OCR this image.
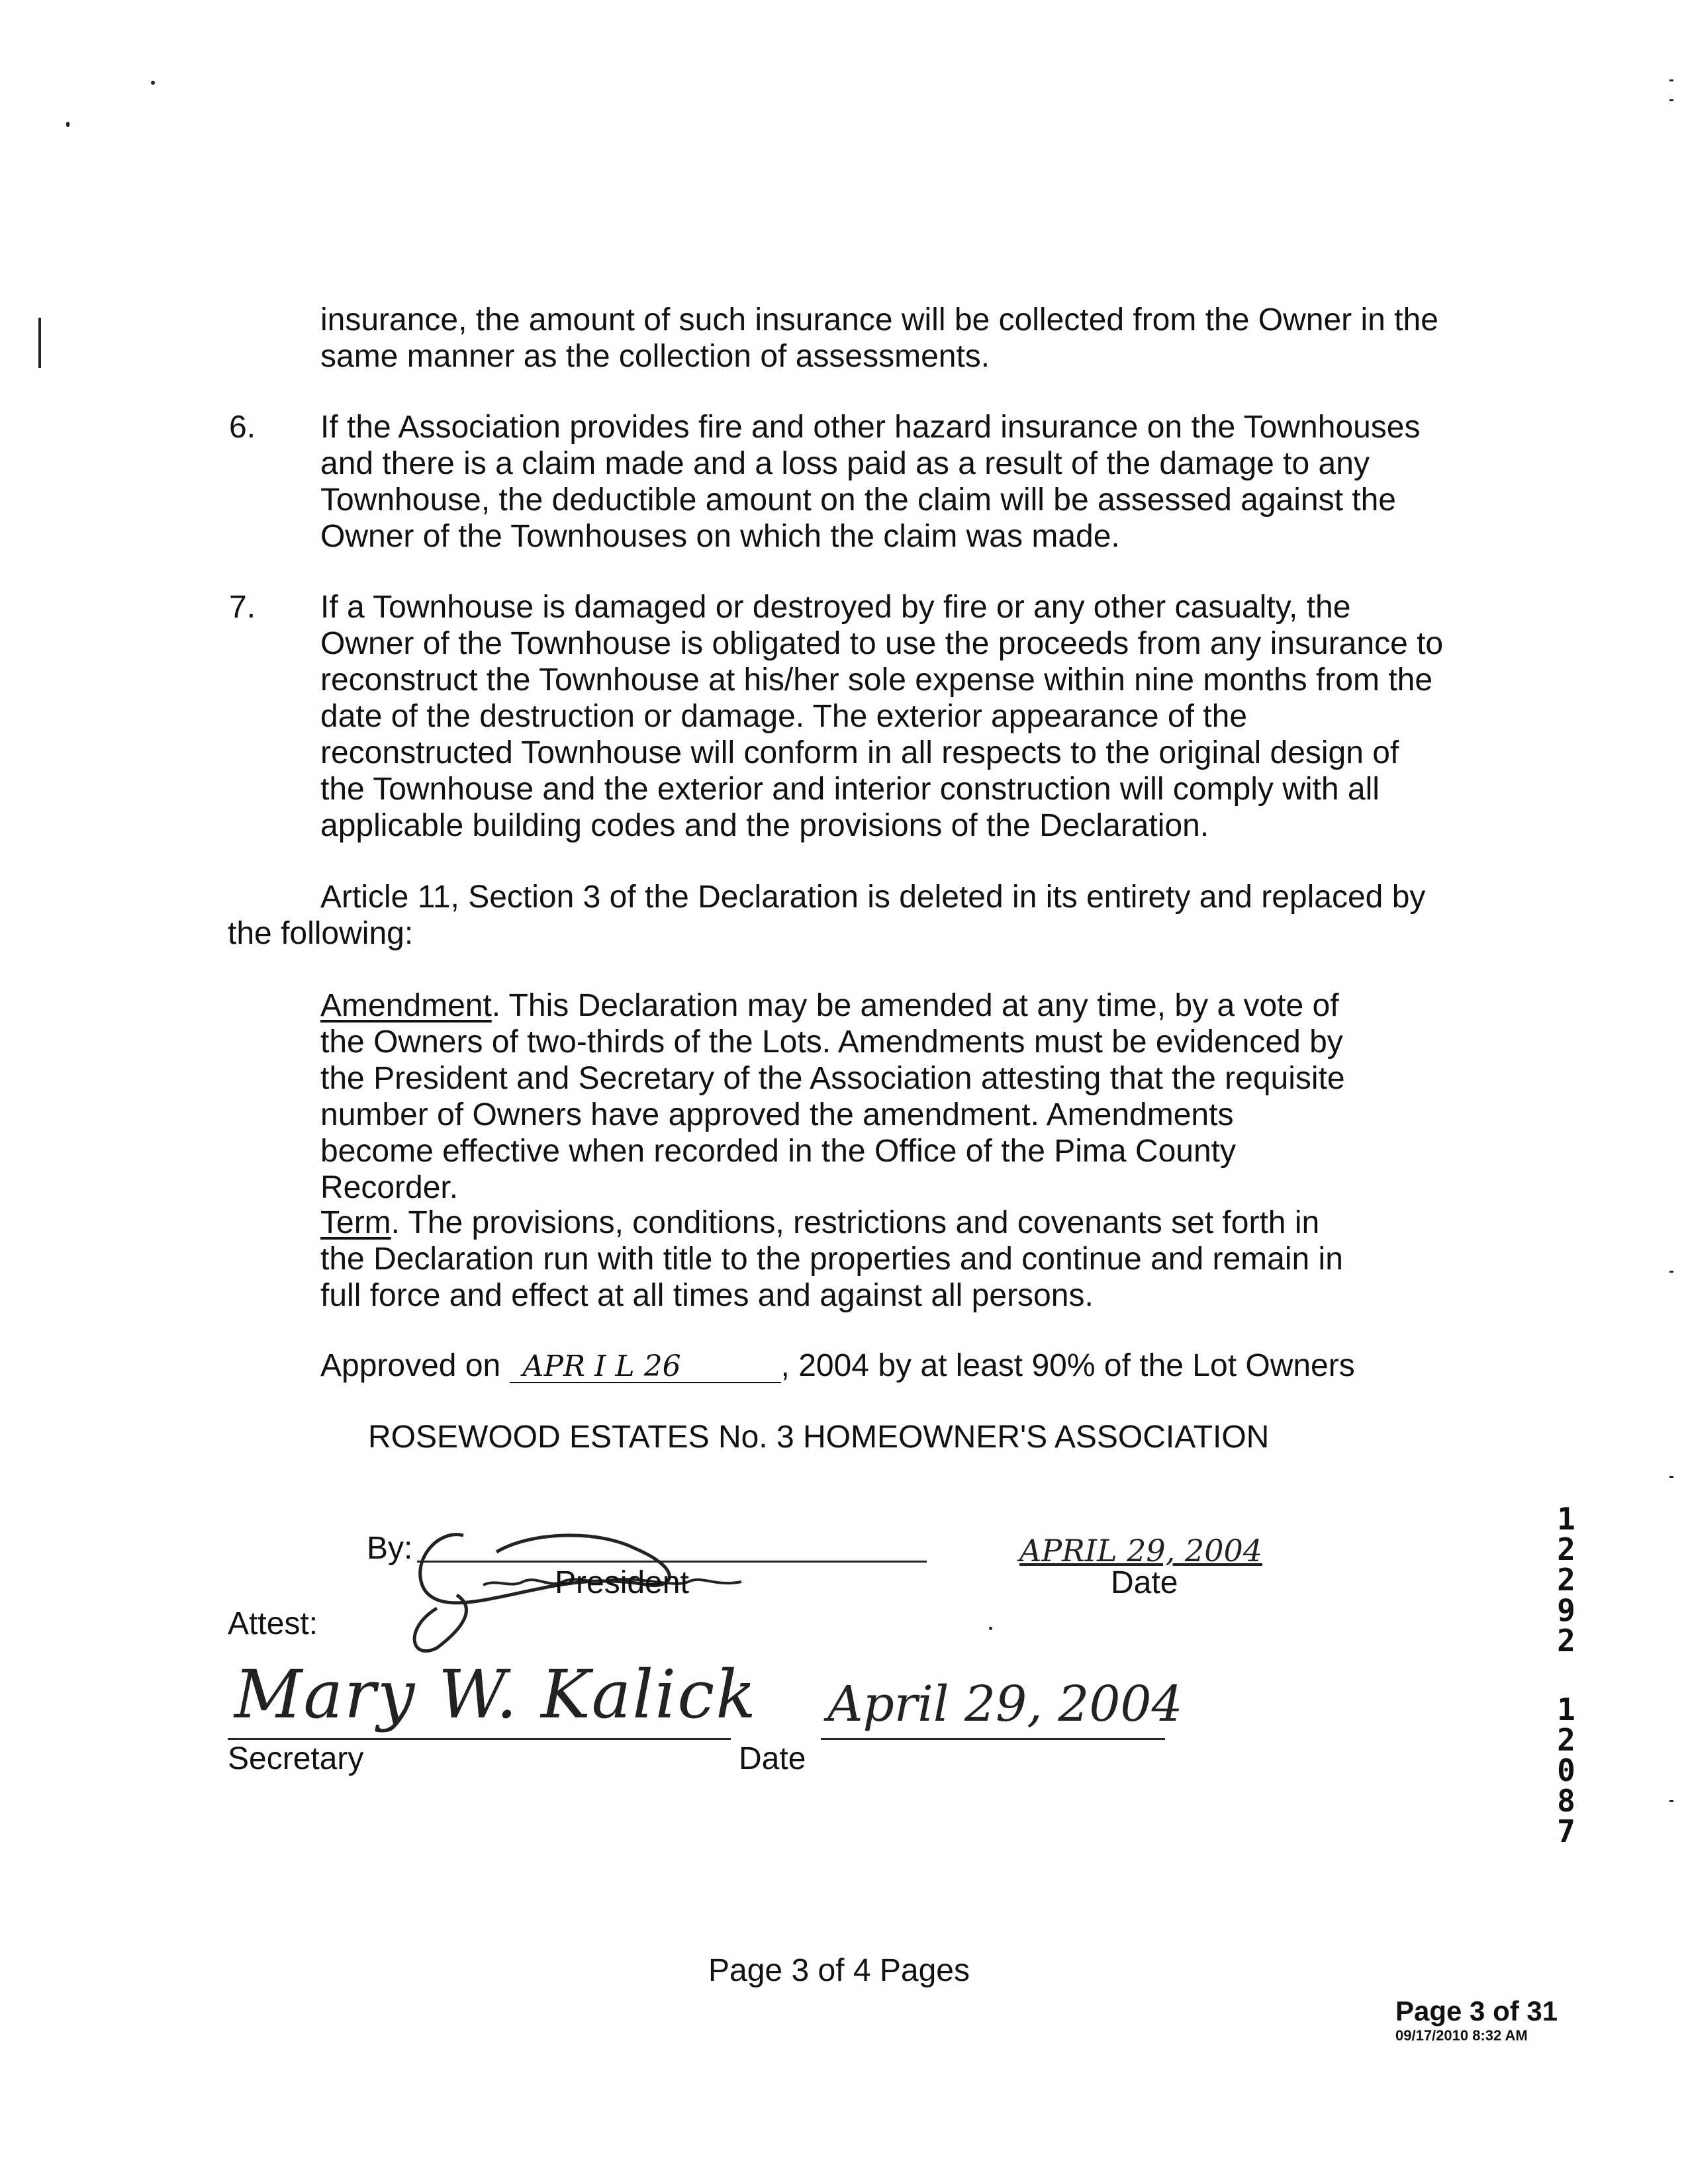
insurance, the amount of such insurance will be collected from the Owner in the same manner as the collection of assessments.
6. If the Association provides fire and other hazard insurance on the Townhouses and there is a claim made and a loss paid as a result of the damage to any Townhouse, the deductible amount on the claim will be assessed against the Owner of the Townhouses on which the claim was made.
7. If a Townhouse is damaged or destroyed by fire or any other casualty, the Owner of the Townhouse is obligated to use the proceeds from any insurance to reconstruct the Townhouse at his/her sole expense within nine months from the date of the destruction or damage. The exterior appearance of the reconstructed Townhouse will conform in all respects to the original design of the Townhouse and the exterior and interior construction will comply with all applicable building codes and the provisions of the Declaration.
Article 11, Section 3 of the Declaration is deleted in its entirety and replaced by the following:
Amendment. This Declaration may be amended at any time, by a vote of the Owners of two-thirds of the Lots. Amendments must be evidenced by the President and Secretary of the Association attesting that the requisite number of Owners have approved the amendment. Amendments become effective when recorded in the Office of the Pima County Recorder.
Term. The provisions, conditions, restrictions and covenants set forth in the Declaration run with title to the properties and continue and remain in full force and effect at all times and against all persons.
Approved on APR I L 26	, 2004 by at least 90% of the Lot Owners
ROSEWOOD ESTATES No. 3 HOMEOWNER'S ASSOCIATION
By:
President
APRIL 29, 2004
Date
Attest:
Mary W. Kalick
Secretary	Date
April 29, 2004
12292
12087
Page 3 of 4 Pages
Page 3 of 31
09/17/2010 8:32 AM
